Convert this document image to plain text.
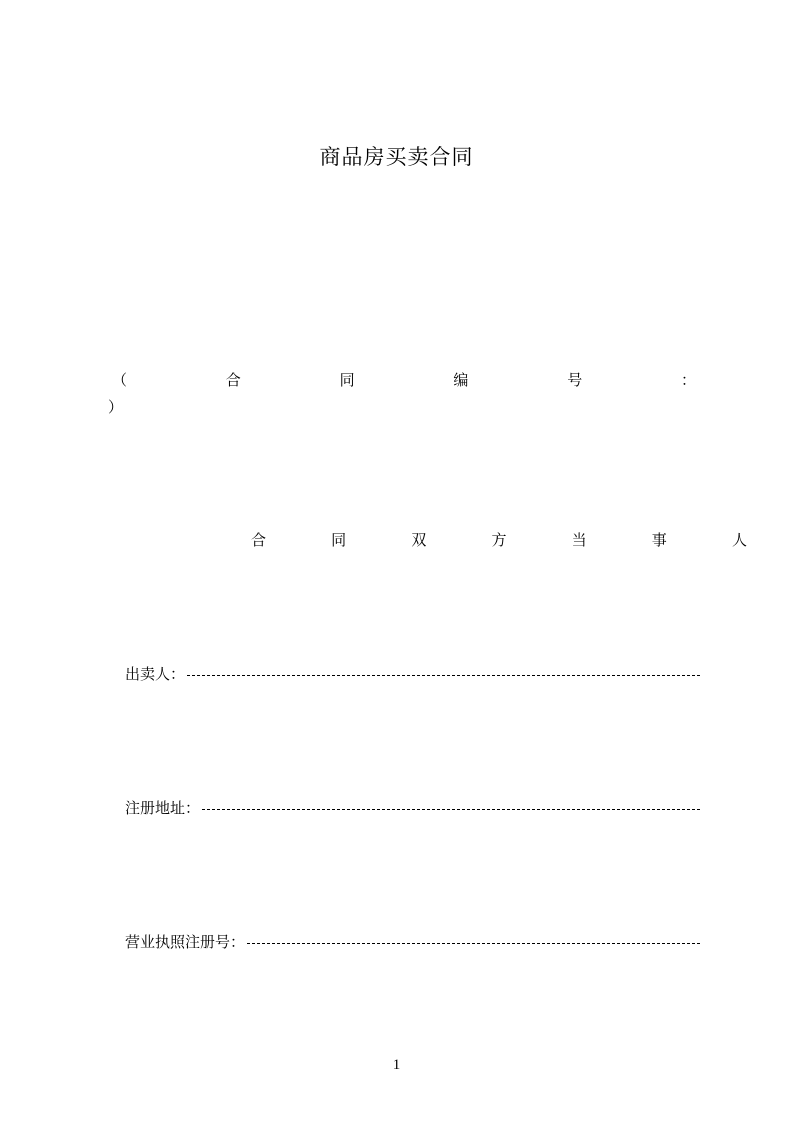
商品房买卖合同
（	合	同	编	号	：
）
合	同	双	方	当	事	人
出卖人：
注册地址：
营业执照注册号：
1
